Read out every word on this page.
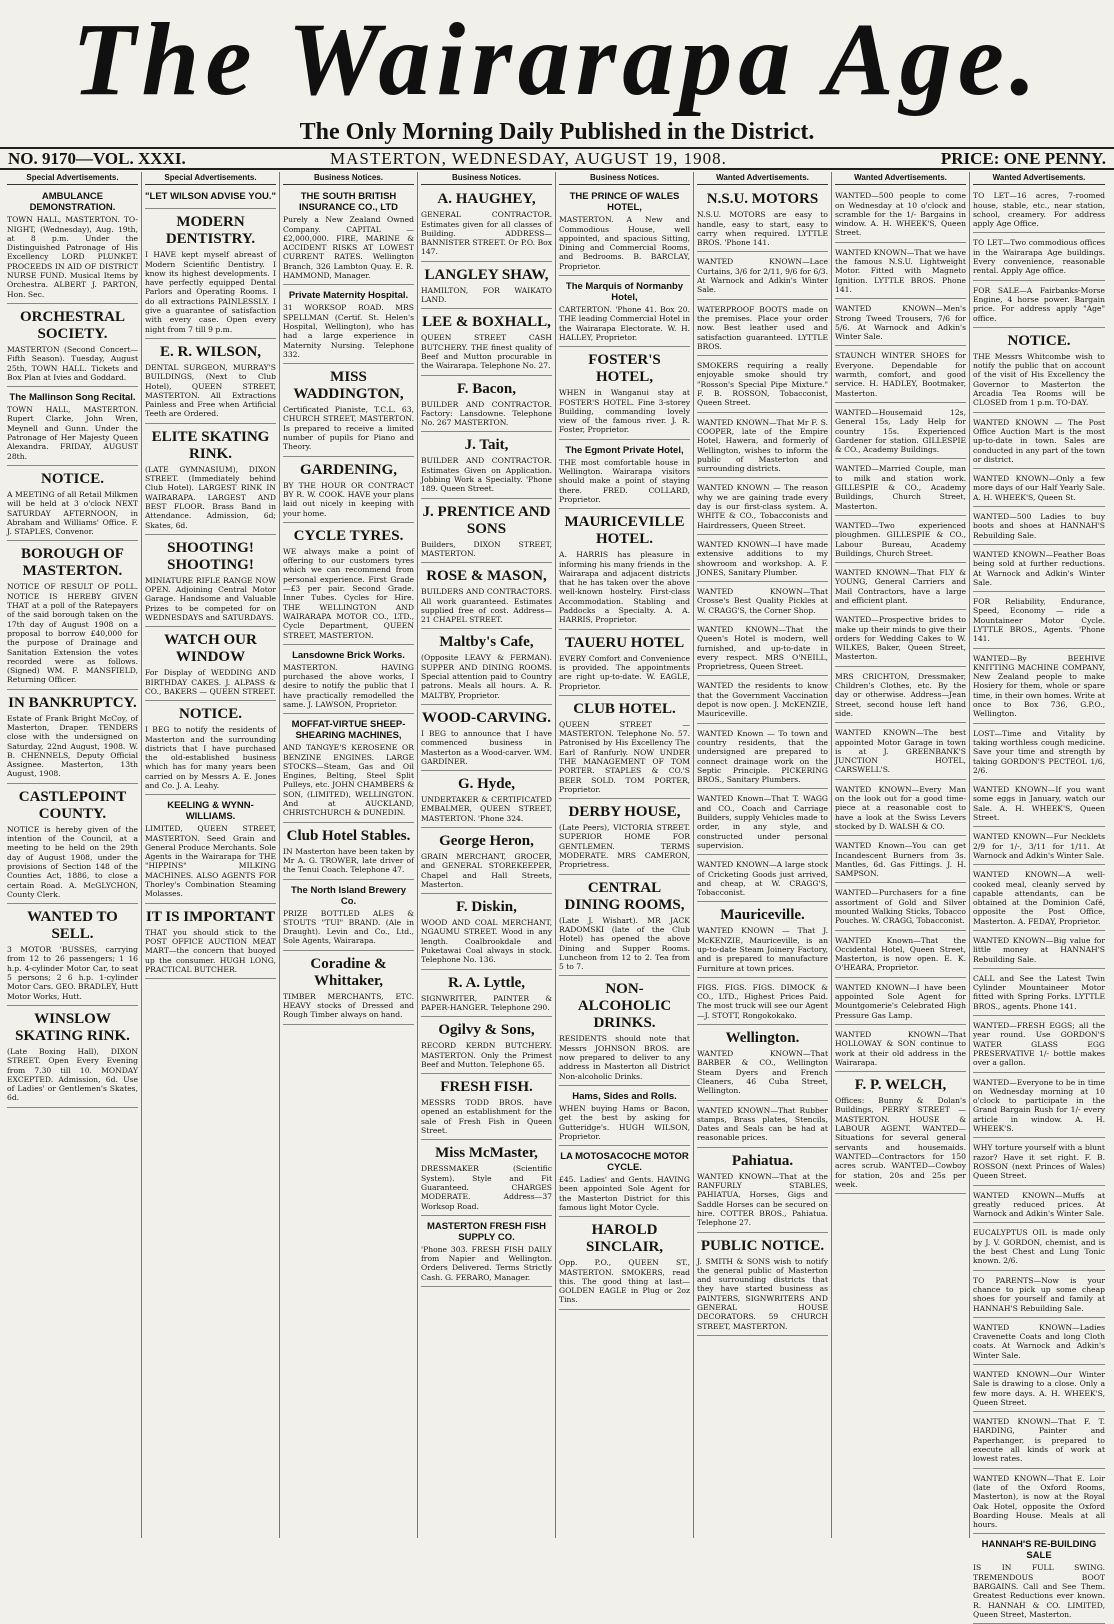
The Wairarapa Age.
The Only Morning Daily Published in the District.
NO. 9170—VOL. XXXI.	MASTERTON, WEDNESDAY, AUGUST 19, 1908.	PRICE: ONE PENNY.
Special Advertisements.
AMBULANCE DEMONSTRATION.

TOWN HALL, MASTERTON. TO-NIGHT, (Wednesday), Aug. 19th, at 8 p.m. Under the Distinguished Patronage of His Excellency LORD PLUNKET. PROCEEDS IN AID OF DISTRICT NURSE FUND. Musical Items by Orchestra. ALBERT J. PARTON, Hon. Sec.

ORCHESTRAL SOCIETY.

MASTERTON (Second Concert—Fifth Season). Tuesday, August 25th, TOWN HALL. Tickets and Box Plan at Ivies and Goddard.

The Mallinson Song Recital.

TOWN HALL, MASTERTON. Rupert Clarke, John Wren, Meynell and Gunn. Under the Patronage of Her Majesty Queen Alexandra. FRIDAY, AUGUST 28th.

NOTICE.

A MEETING of all Retail Milkmen will be held at 3 o'clock NEXT SATURDAY AFTERNOON, in Abraham and Williams' Office. F. J. STAPLES, Convenor.

BOROUGH OF MASTERTON.

NOTICE OF RESULT OF POLL. NOTICE IS HEREBY GIVEN THAT at a poll of the Ratepayers of the said borough taken on the 17th day of August 1908 on a proposal to borrow £40,000 for the purpose of Drainage and Sanitation Extension the votes recorded were as follows. (Signed) WM. F. MANSFIELD, Returning Officer.

IN BANKRUPTCY.

Estate of Frank Bright McCoy, of Masterton, Draper. TENDERS close with the undersigned on Saturday, 22nd August, 1908. W. B. CHENNELS, Deputy Official Assignee. Masterton, 13th August, 1908.

CASTLEPOINT COUNTY.

NOTICE is hereby given of the intention of the Council, at a meeting to be held on the 29th day of August 1908, under the provisions of Section 148 of the Counties Act, 1886, to close a certain Road. A. McGLYCHON, County Clerk.

WANTED TO SELL.

3 MOTOR 'BUSSES, carrying from 12 to 26 passengers; 1 16 h.p. 4-cylinder Motor Car, to seat 5 persons; 2 6 h.p. 1-cylinder Motor Cars. GEO. BRADLEY, Hutt Motor Works, Hutt.

WINSLOW SKATING RINK.

(Late Boxing Hall), DIXON STREET. Open Every Evening from 7.30 till 10. MONDAY EXCEPTED. Admission, 6d. Use of Ladies' or Gentlemen's Skates, 6d.

Special Advertisements.
"LET WILSON ADVISE YOU."
MODERN DENTISTRY.

I HAVE kept myself abreast of Modern Scientific Dentistry. I know its highest developments. I have perfectly equipped Dental Parlors and Operating Rooms. I do all extractions PAINLESSLY. I give a guarantee of satisfaction with every case. Open every night from 7 till 9 p.m.

E. R. WILSON,

DENTAL SURGEON, MURRAY'S BUILDINGS, (Next to Club Hotel), QUEEN STREET, MASTERTON. All Extractions Painless and Free when Artificial Teeth are Ordered.

ELITE SKATING RINK.

(LATE GYMNASIUM), DIXON STREET. (Immediately behind Club Hotel). LARGEST RINK IN WAIRARAPA. LARGEST AND BEST FLOOR. Brass Band in Attendance. Admission, 6d; Skates, 6d.

SHOOTING! SHOOTING!

MINIATURE RIFLE RANGE NOW OPEN. Adjoining Central Motor Garage. Handsome and Valuable Prizes to be competed for on WEDNESDAYS and SATURDAYS.

WATCH OUR WINDOW

For Display of WEDDING AND BIRTHDAY CAKES. J. ALPASS & CO., BAKERS — QUEEN STREET.

NOTICE.

I BEG to notify the residents of Masterton and the surrounding districts that I have purchased the old-established business which has for many years been carried on by Messrs A. E. Jones and Co. J. A. Leahy.

KEELING & WYNN-WILLIAMS.

LIMITED, QUEEN STREET, MASTERTON. Seed Grain and General Produce Merchants. Sole Agents in the Wairarapa for THE "HIPPINS" MILKING MACHINES. ALSO AGENTS FOR Thorley's Combination Steaming Molasses.

IT IS IMPORTANT

THAT you should stick to the POST OFFICE AUCTION MEAT MART—the concern that buoyed up the consumer. HUGH LONG, PRACTICAL BUTCHER.

Business Notices.
THE SOUTH BRITISH INSURANCE CO., LTD

Purely a New Zealand Owned Company. CAPITAL — £2,000,000. FIRE, MARINE & ACCIDENT RISKS AT LOWEST CURRENT RATES. Wellington Branch, 326 Lambton Quay. E. R. HAMMOND, Manager.

Private Maternity Hospital.

31 WORKSOP ROAD. MRS SPELLMAN (Certif. St. Helen's Hospital, Wellington), who has had a large experience in Maternity Nursing. Telephone 332.

MISS WADDINGTON,

Certificated Pianiste, T.C.L. 63, CHURCH STREET, MASTERTON. Is prepared to receive a limited number of pupils for Piano and Theory.

GARDENING,

BY THE HOUR OR CONTRACT BY R. W. COOK. HAVE your plans laid out nicely in keeping with your home.

CYCLE TYRES.

WE always make a point of offering to our customers tyres which we can recommend from personal experience. First Grade—£3 per pair. Second Grade. Inner Tubes. Cycles for Hire. THE WELLINGTON AND WAIRARAPA MOTOR CO., LTD., Cycle Department, QUEEN STREET, MASTERTON.

Lansdowne Brick Works.

MASTERTON. HAVING purchased the above works, I desire to notify the public that I have practically remodelled the same. J. LAWSON, Proprietor.

MOFFAT-VIRTUE SHEEP-SHEARING MACHINES,

AND TANGYE'S KEROSENE OR BENZINE ENGINES. LARGE STOCKS—Steam, Gas and Oil Engines, Belting, Steel Split Pulleys, etc. JOHN CHAMBERS & SON, (LIMITED), WELLINGTON. And at AUCKLAND, CHRISTCHURCH & DUNEDIN.

Club Hotel Stables.

IN Masterton have been taken by Mr A. G. TROWER, late driver of the Tenui Coach. Telephone 47.

The North Island Brewery Co.

PRIZE BOTTLED ALES & STOUTS "TUI" BRAND. (Ale in Draught). Levin and Co., Ltd., Sole Agents, Wairarapa.

Coradine & Whittaker,

TIMBER MERCHANTS, ETC. HEAVY stocks of Dressed and Rough Timber always on hand.

Business Notices.
A. HAUGHEY,

GENERAL CONTRACTOR. Estimates given for all classes of Building. ADDRESS—BANNISTER STREET. Or P.O. Box 147.

LANGLEY SHAW,

HAMILTON, FOR WAIKATO LAND.

LEE & BOXHALL,

QUEEN STREET CASH BUTCHERY. THE finest quality of Beef and Mutton procurable in the Wairarapa. Telephone No. 27.

F. Bacon,

BUILDER AND CONTRACTOR. Factory: Lansdowne. Telephone No. 267 MASTERTON.

J. Tait,

BUILDER AND CONTRACTOR. Estimates Given on Application. Jobbing Work a Specialty. 'Phone 189. Queen Street.

J. PRENTICE AND SONS

Builders, DIXON STREET, MASTERTON.

ROSE & MASON,

BUILDERS AND CONTRACTORS. All work guaranteed. Estimates supplied free of cost. Address—21 CHAPEL STREET.

Maltby's Cafe,

(Opposite LEAVY & FERMAN). SUPPER AND DINING ROOMS. Special attention paid to Country patrons. Meals all hours. A. R. MALTBY, Proprietor.

WOOD-CARVING.

I BEG to announce that I have commenced business in Masterton as a Wood-carver. WM. GARDINER.

G. Hyde,

UNDERTAKER & CERTIFICATED EMBALMER, QUEEN STREET, MASTERTON. 'Phone 324.

George Heron,

GRAIN MERCHANT, GROCER, and GENERAL STOREKEEPER, Chapel and Hall Streets, Masterton.

F. Diskin,

WOOD AND COAL MERCHANT, NGAUMU STREET. Wood in any length. Coalbrookdale and Puketawai Coal always in stock. Telephone No. 136.

R. A. Lyttle,

SIGNWRITER, PAINTER & PAPER-HANGER. Telephone 290.

Ogilvy & Sons,

RECORD KERDN BUTCHERY. MASTERTON. Only the Primest Beef and Mutton. Telephone 65.

FRESH FISH.

MESSRS TODD BROS. have opened an establishment for the sale of Fresh Fish in Queen Street.

Miss McMaster,

DRESSMAKER (Scientific System). Style and Fit Guaranteed. CHARGES MODERATE. Address—37 Worksop Road.

MASTERTON FRESH FISH SUPPLY CO.

'Phone 303. FRESH FISH DAILY from Napier and Wellington. Orders Delivered. Terms Strictly Cash. G. FERARO, Manager.

Business Notices.
THE PRINCE OF WALES HOTEL,

MASTERTON. A New and Commodious House, well appointed, and spacious Sitting, Dining and Commercial Rooms, and Bedrooms. B. BARCLAY, Proprietor.

The Marquis of Normanby Hotel,

CARTERTON. 'Phone 41. Box 20. THE leading Commercial Hotel in the Wairarapa Electorate. W. H. HALLEY, Proprietor.

FOSTER'S HOTEL,

WHEN in Wanganui stay at FOSTER'S HOTEL. Fine 3-storey Building, commanding lovely view of the famous river. J. R. Foster, Proprietor.

The Egmont Private Hotel,

THE most comfortable house in Wellington. Wairarapa visitors should make a point of staying there. FRED. COLLARD, Proprietor.

MAURICEVILLE HOTEL.

A. HARRIS has pleasure in informing his many friends in the Wairarapa and adjacent districts that he has taken over the above well-known hostelry. First-class Accommodation. Stabling and Paddocks a Specialty. A. A. HARRIS, Proprietor.

TAUERU HOTEL

EVERY Comfort and Convenience is provided. The appointments are right up-to-date. W. EAGLE, Proprietor.

CLUB HOTEL.

QUEEN STREET — MASTERTON. Telephone No. 57. Patronised by His Excellency The Earl of Ranfurly. NOW UNDER THE MANAGEMENT OF TOM PORTER. STAPLES & CO.'S BEER SOLD. TOM PORTER, Proprietor.

DERBY HOUSE,

(Late Peers), VICTORIA STREET. SUPERIOR HOME FOR GENTLEMEN. TERMS MODERATE. MRS CAMERON, Proprietress.

CENTRAL DINING ROOMS,

(Late J. Wishart). MR JACK RADOMSKI (late of the Club Hotel) has opened the above Dining and Supper Rooms. Luncheon from 12 to 2. Tea from 5 to 7.

NON-ALCOHOLIC DRINKS.

RESIDENTS should note that Messrs JOHNSON BROS. are now prepared to deliver to any address in Masterton all District Non-alcoholic Drinks.

Hams, Sides and Rolls.

WHEN buying Hams or Bacon, get the best by asking for Gutteridge's. HUGH WILSON, Proprietor.

LA MOTOSACOCHE MOTOR CYCLE.

£45. Ladies' and Gents. HAVING been appointed Sole Agent for the Masterton District for this famous light Motor Cycle.

HAROLD SINCLAIR,

Opp. P.O., QUEEN ST., MASTERTON. SMOKERS, read this. The good thing at last—GOLDEN EAGLE in Plug or 2oz Tins.

Wanted Advertisements.
N.S.U. MOTORS

N.S.U. MOTORS are easy to handle, easy to start, easy to carry when required. LYTTLE BROS. 'Phone 141.

WANTED KNOWN—Lace Curtains, 3/6 for 2/11, 9/6 for 6/3. At Warnock and Adkin's Winter Sale.

WATERPROOF BOOTS made on the premises. Place your order now. Best leather used and satisfaction guaranteed. LYTTLE BROS.

SMOKERS requiring a really enjoyable smoke should try "Rosson's Special Pipe Mixture." F. B. ROSSON, Tobacconist, Queen Street.

WANTED KNOWN—That Mr F. S. COOPER, late of the Empire Hotel, Hawera, and formerly of Wellington, wishes to inform the public of Masterton and surrounding districts.

WANTED KNOWN — The reason why we are gaining trade every day is our first-class system. A. WHITE & CO., Tobacconists and Hairdressers, Queen Street.

WANTED KNOWN—I have made extensive additions to my showroom and workshop. A. F. JONES, Sanitary Plumber.

WANTED KNOWN—That Crosse's Best Quality Pickles at W. CRAGG'S, the Corner Shop.

WANTED KNOWN—That the Queen's Hotel is modern, well furnished, and up-to-date in every respect. MRS O'NEILL, Proprietress, Queen Street.

WANTED the residents to know that the Government Vaccination depot is now open. J. McKENZIE, Mauriceville.

WANTED Known — To town and country residents, that the undersigned are prepared to connect drainage work on the Septic Principle. PICKERING BROS., Sanitary Plumbers.

WANTED Known—That T. WAGG and CO., Coach and Carriage Builders, supply Vehicles made to order, in any style, and constructed under personal supervision.

WANTED KNOWN—A large stock of Cricketing Goods just arrived, and cheap, at W. CRAGG'S, Tobacconist.

Mauriceville.

WANTED KNOWN — That J. McKENZIE, Mauriceville, is an up-to-date Steam Joinery Factory, and is prepared to manufacture Furniture at town prices.

FIGS. FIGS. FIGS. DIMOCK & CO., LTD., Highest Prices Paid. The most truck will see our Agent—J. STOTT, Rongokokako.

Wellington.

WANTED KNOWN—That BARBER & CO., Wellington Steam Dyers and French Cleaners, 46 Cuba Street, Wellington.

WANTED KNOWN—That Rubber stamps, Brass plates, Stencils, Dates and Seals can be had at reasonable prices.

Pahiatua.

WANTED KNOWN—That at the RANFURLY STABLES, PAHIATUA, Horses, Gigs and Saddle Horses can be secured on hire. COTTER BROS., Pahiatua. Telephone 27.

PUBLIC NOTICE.

J. SMITH & SONS wish to notify the general public of Masterton and surrounding districts that they have started business as PAINTERS, SIGNWRITERS AND GENERAL HOUSE DECORATORS. 59 CHURCH STREET, MASTERTON.

Wanted Advertisements.

WANTED—500 people to come on Wednesday at 10 o'clock and scramble for the 1/- Bargains in window. A. H. WHEEK'S, Queen Street.

WANTED KNOWN—That we have the famous N.S.U. Lightweight Motor. Fitted with Magneto Ignition. LYTTLE BROS. Phone 141.

WANTED KNOWN—Men's Strong Tweed Trousers, 7/6 for 5/6. At Warnock and Adkin's Winter Sale.

STAUNCH WINTER SHOES for Everyone. Dependable for warmth, comfort, and good service. H. HADLEY, Bootmaker, Masterton.

WANTED—Housemaid 12s, General 15s, Lady Help for country 15s. Experienced Gardener for station. GILLESPIE & CO., Academy Buildings.

WANTED—Married Couple, man to milk and station work. GILLESPIE & CO., Academy Buildings, Church Street, Masterton.

WANTED—Two experienced ploughmen. GILLESPIE & CO., Labour Bureau, Academy Buildings, Church Street.

WANTED KNOWN—That FLY & YOUNG, General Carriers and Mail Contractors, have a large and efficient plant.

WANTED—Prospective brides to make up their minds to give their orders for Wedding Cakes to W. WILKES, Baker, Queen Street, Masterton.

MRS CRICHTON, Dressmaker, Children's Clothes, etc. By the day or otherwise. Address—Jean Street, second house left hand side.

WANTED KNOWN—The best appointed Motor Garage in town is at J. GREENBANK'S JUNCTION HOTEL, CARSWELL'S.

WANTED KNOWN—Every Man on the look out for a good time-piece at a reasonable cost to have a look at the Swiss Levers stocked by D. WALSH & CO.

WANTED Known—You can get Incandescent Burners from 3s. Mantles, 6d. Gas Fittings. J. H. SAMPSON.

WANTED—Purchasers for a fine assortment of Gold and Silver mounted Walking Sticks, Tobacco Pouches. W. CRAGG, Tobacconist.

WANTED Known—That the Occidental Hotel, Queen Street, Masterton, is now open. E. K. O'HEARA, Proprietor.

WANTED KNOWN—I have been appointed Sole Agent for Mountgomerie's Celebrated High Pressure Gas Lamp.

WANTED KNOWN—That HOLLOWAY & SON continue to work at their old address in the Wairarapa.

F. P. WELCH,

Offices: Bunny & Dolan's Buildings, PERRY STREET — MASTERTON. HOUSE & LABOUR AGENT. WANTED—Situations for several general servants and housemaids. WANTED—Contractors for 150 acres scrub. WANTED—Cowboy for station, 20s and 25s per week.

Wanted Advertisements.

TO LET—16 acres, 7-roomed house, stable, etc., near station, school, creamery. For address apply Age Office.

TO LET—Two commodious offices in the Wairarapa Age buildings. Every convenience, reasonable rental. Apply Age office.

FOR SALE—A Fairbanks-Morse Engine, 4 horse power. Bargain price. For address apply "Age" office.

NOTICE.

THE Messrs Whitcombe wish to notify the public that on account of the visit of His Excellency the Governor to Masterton the Arcadia Tea Rooms will be CLOSED from 1 p.m. TO-DAY.

WANTED KNOWN — The Post Office Auction Mart is the most up-to-date in town. Sales are conducted in any part of the town or district.

WANTED KNOWN—Only a few more days of our Half Yearly Sale. A. H. WHEEK'S, Queen St.

WANTED—500 Ladies to buy boots and shoes at HANNAH'S Rebuilding Sale.

WANTED KNOWN—Feather Boas being sold at further reductions. At Warnock and Adkin's Winter Sale.

FOR Reliability, Endurance, Speed, Economy — ride a Mountaineer Motor Cycle. LYTTLE BROS., Agents. 'Phone 141.

WANTED—By BEEHIVE KNITTING MACHINE COMPANY, New Zealand people to make Hosiery for them, whole or spare time, in their own homes. Write at once to Box 736, G.P.O., Wellington.

LOST—Time and Vitality by taking worthless cough medicine. Save your time and strength by taking GORDON'S PECTEOL 1/6, 2/6.

WANTED KNOWN—If you want some eggs in January, watch our Sale. A. H. WHEEK'S, Queen Street.

WANTED KNOWN—Fur Necklets 2/9 for 1/-, 3/11 for 1/11. At Warnock and Adkin's Winter Sale.

WANTED KNOWN—A well-cooked meal, cleanly served by capable attendants, can be obtained at the Dominion Café, opposite the Post Office, Masterton. A. FEDAY, Proprietor.

WANTED KNOWN—Big value for little money at HANNAH'S Rebuilding Sale.

CALL and See the Latest Twin Cylinder Mountaineer Motor fitted with Spring Forks. LYTTLE BROS., agents. Phone 141.

WANTED—FRESH EGGS; all the year round. Use GORDON'S WATER GLASS EGG PRESERVATIVE 1/- bottle makes over a gallon.

WANTED—Everyone to be in time on Wednesday morning at 10 o'clock to participate in the Grand Bargain Rush for 1/- every article in window. A. H. WHEEK'S.

WHY torture yourself with a blunt razor? Have it set right. F. B. ROSSON (next Princes of Wales) Queen Street.

WANTED KNOWN—Muffs at greatly reduced prices. At Warnock and Adkin's Winter Sale.

EUCALYPTUS OIL is made only by J. V. GORDON, chemist, and is the best Chest and Lung Tonic known. 2/6.

TO PARENTS—Now is your chance to pick up some cheap shoes for yourself and family at HANNAH'S Rebuilding Sale.

WANTED KNOWN—Ladies Cravenette Coats and long Cloth coats. At Warnock and Adkin's Winter Sale.

WANTED KNOWN—Our Winter Sale is drawing to a close. Only a few more days. A. H. WHEEK'S, Queen Street.

WANTED KNOWN—That F. T. HARDING, Painter and Paperhanger, is prepared to execute all kinds of work at lowest rates.

WANTED KNOWN—That E. Loir (late of the Oxford Rooms, Masterton), is now at the Royal Oak Hotel, opposite the Oxford Boarding House. Meals at all hours.

HANNAH'S RE-BUILDING SALE

IS IN FULL SWING. TREMENDOUS BOOT BARGAINS. Call and See Them. Greatest Reductions ever known. R. HANNAH & CO. LIMITED, Queen Street, Masterton.
